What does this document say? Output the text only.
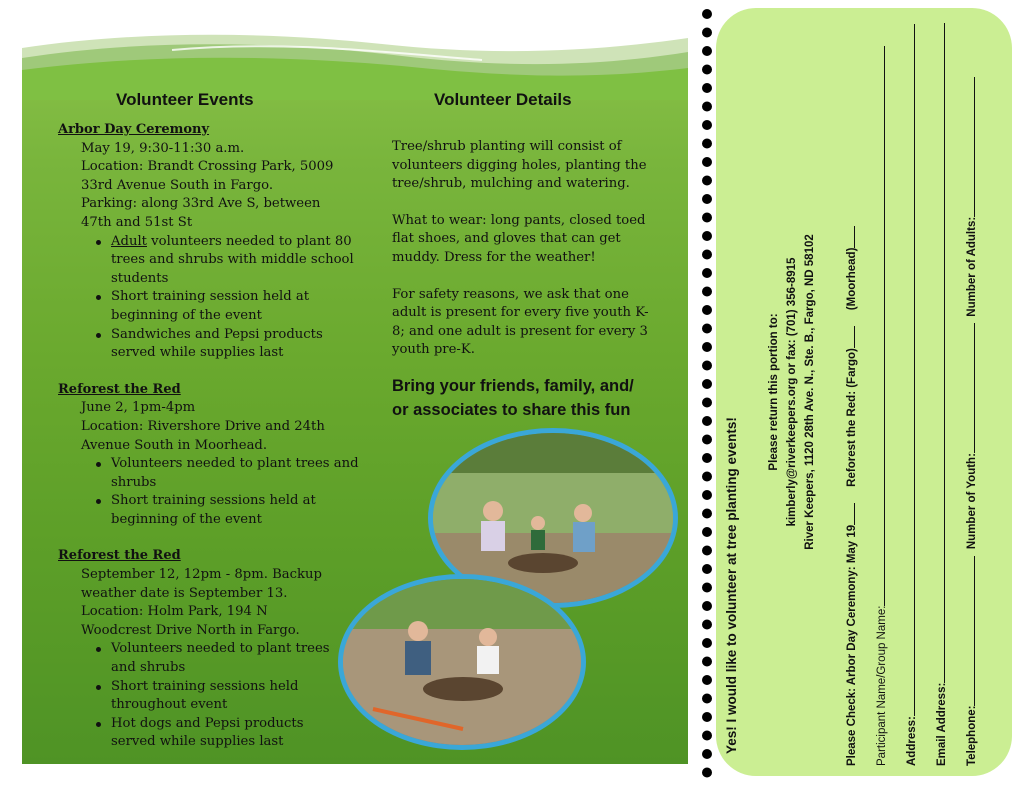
Volunteer Events	Volunteer Details
Arbor Day Ceremony
May 19, 9:30-11:30 a.m.
Location: Brandt Crossing Park, 5009
33rd Avenue South in Fargo.
Parking: along 33rd Ave S, between
47th and 51st St
Adult volunteers needed to plant 80
trees and shrubs with middle school
students
Short training session held at
beginning of the event
Sandwiches and Pepsi products
served while supplies last
Reforest the Red
June 2, 1pm-4pm
Location: Rivershore Drive and 24th
Avenue South in Moorhead.
Volunteers needed to plant trees and
shrubs
Short training sessions held at
beginning of the event
Reforest the Red
September 12, 12pm - 8pm. Backup
weather date is September 13.
Location: Holm Park, 194 N
Woodcrest Drive North in Fargo.
Volunteers needed to plant trees
and shrubs
Short training sessions held
throughout event
Hot dogs and Pepsi products
served while supplies last
Tree/shrub planting will consist of
volunteers digging holes, planting the
tree/shrub, mulching and watering.
What to wear: long pants, closed toed
flat shoes, and gloves that can get
muddy. Dress for the weather!
For safety reasons, we ask that one
adult is present for every five youth K-
8; and one adult is present for every 3
youth pre-K.
Bring your friends, family, and/
or associates to share this fun
Yes! I would like to volunteer at tree planting events!
Please return this portion to: kimberly@riverkeepers.org or fax: (701) 356-8915 River Keepers, 1120 28th Ave. N., Ste. B., Fargo, ND 58102
Please Check: Arbor Day Ceremony: May 19     Reforest the Red: (Fargo)     (Moorhead)
Participant Name/Group Name: Address: Email Address: Telephone:  Number of Youth:  Number of Adults:
